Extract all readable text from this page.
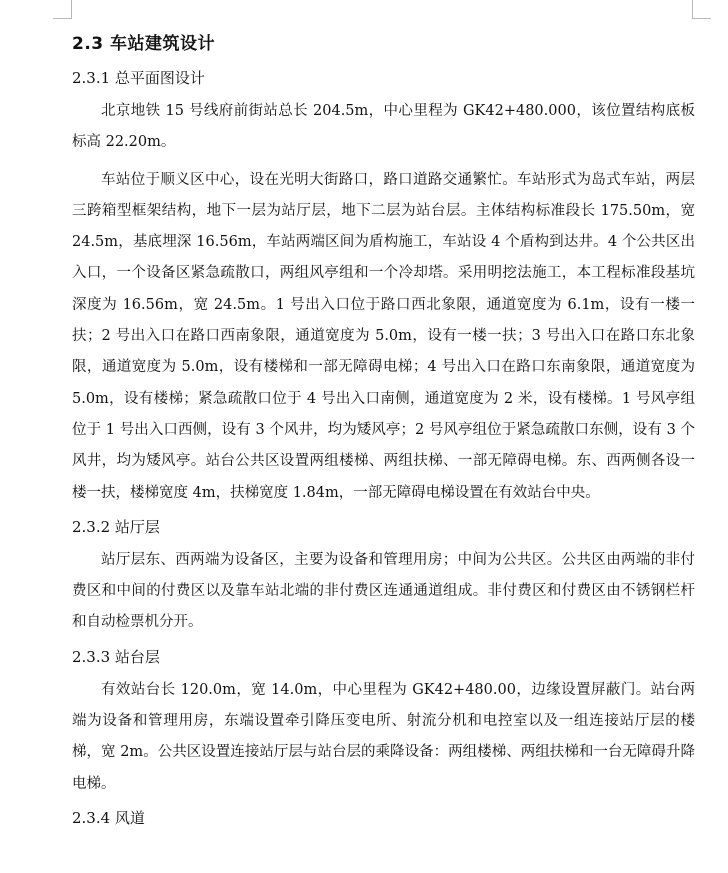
2.3 车站建筑设计
2.3.1 总平面图设计

北京地铁 15 号线府前街站总长 204.5m，中心里程为 GK42+480.000，该位置结构底板标高 22.20m。

车站位于顺义区中心，设在光明大街路口，路口道路交通繁忙。车站形式为岛式车站，两层三跨箱型框架结构，地下一层为站厅层，地下二层为站台层。主体结构标准段长 175.50m，宽 24.5m，基底埋深 16.56m，车站两端区间为盾构施工，车站设 4 个盾构到达井。4 个公共区出入口，一个设备区紧急疏散口，两组风亭组和一个冷却塔。采用明挖法施工，本工程标准段基坑深度为 16.56m，宽 24.5m。1 号出入口位于路口西北象限，通道宽度为 6.1m，设有一楼一扶；2 号出入口在路口西南象限，通道宽度为 5.0m，设有一楼一扶；3 号出入口在路口东北象限，通道宽度为 5.0m，设有楼梯和一部无障碍电梯；4 号出入口在路口东南象限，通道宽度为 5.0m，设有楼梯；紧急疏散口位于 4 号出入口南侧，通道宽度为 2 米，设有楼梯。1 号风亭组位于 1 号出入口西侧，设有 3 个风井，均为矮风亭；2 号风亭组位于紧急疏散口东侧，设有 3 个风井，均为矮风亭。站台公共区设置两组楼梯、两组扶梯、一部无障碍电梯。东、西两侧各设一楼一扶，楼梯宽度 4m，扶梯宽度 1.84m，一部无障碍电梯设置在有效站台中央。

2.3.2 站厅层

站厅层东、西两端为设备区，主要为设备和管理用房；中间为公共区。公共区由两端的非付费区和中间的付费区以及靠车站北端的非付费区连通通道组成。非付费区和付费区由不锈钢栏杆和自动检票机分开。

2.3.3 站台层

有效站台长 120.0m，宽 14.0m，中心里程为 GK42+480.00，边缘设置屏蔽门。站台两端为设备和管理用房，东端设置牵引降压变电所、射流分机和电控室以及一组连接站厅层的楼梯，宽 2m。公共区设置连接站厅层与站台层的乘降设备：两组楼梯、两组扶梯和一台无障碍升降电梯。

2.3.4 风道
